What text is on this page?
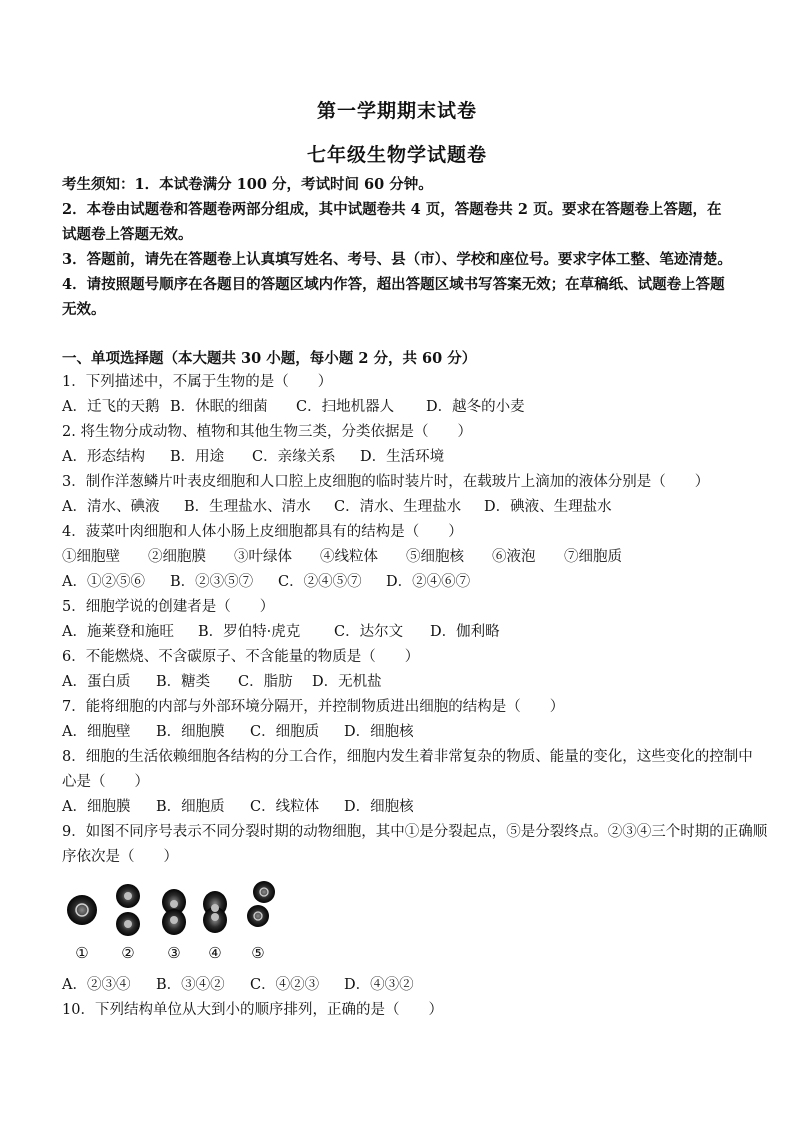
第一学期期末试卷
七年级生物学试题卷

考生须知：1．本试卷满分 100 分，考试时间 60 分钟。

2．本卷由试题卷和答题卷两部分组成，其中试题卷共 4 页，答题卷共 2 页。要求在答题卷上答题，在试题卷上答题无效。

3．答题前，请先在答题卷上认真填写姓名、考号、县（市）、学校和座位号。要求字体工整、笔迹清楚。

4．请按照题号顺序在各题目的答题区域内作答，超出答题区域书写答案无效；在草稿纸、试题卷上答题无效。

一、单项选择题（本大题共 30 小题，每小题 2 分，共 60 分）
1．下列描述中，不属于生物的是（　　）
A．迁飞的天鹅 B．休眠的细菌 C．扫地机器人 D．越冬的小麦
2. 将生物分成动物、植物和其他生物三类，分类依据是（　　）
A．形态结构 B．用途 C．亲缘关系 D．生活环境
3．制作洋葱鳞片叶表皮细胞和人口腔上皮细胞的临时装片时，在载玻片上滴加的液体分别是（　　）
A．清水、碘液 B．生理盐水、清水 C．清水、生理盐水 D．碘液、生理盐水
4．菠菜叶肉细胞和人体小肠上皮细胞都具有的结构是（　　）
①细胞壁 ②细胞膜 ③叶绿体 ④线粒体 ⑤细胞核 ⑥液泡 ⑦细胞质
A．①②⑤⑥ B．②③⑤⑦ C．②④⑤⑦ D．②④⑥⑦
5．细胞学说的创建者是（　　）
A．施莱登和施旺 B．罗伯特·虎克 C．达尔文 D．伽利略
6．不能燃烧、不含碳原子、不含能量的物质是（　　）
A．蛋白质 B．糖类 C．脂肪 D．无机盐
7．能将细胞的内部与外部环境分隔开，并控制物质进出细胞的结构是（　　）
A．细胞壁 B．细胞膜 C．细胞质 D．细胞核
8．细胞的生活依赖细胞各结构的分工合作，细胞内发生着非常复杂的物质、能量的变化，这些变化的控制中
心是（　　）
A．细胞膜 B．细胞质 C．线粒体 D．细胞核
9．如图不同序号表示不同分裂时期的动物细胞，其中①是分裂起点，⑤是分裂终点。②③④三个时期的正确顺
序依次是（　　）
① ② ③ ④ ⑤
A．②③④ B．③④② C．④②③ D．④③②
10．下列结构单位从大到小的顺序排列，正确的是（　　）
